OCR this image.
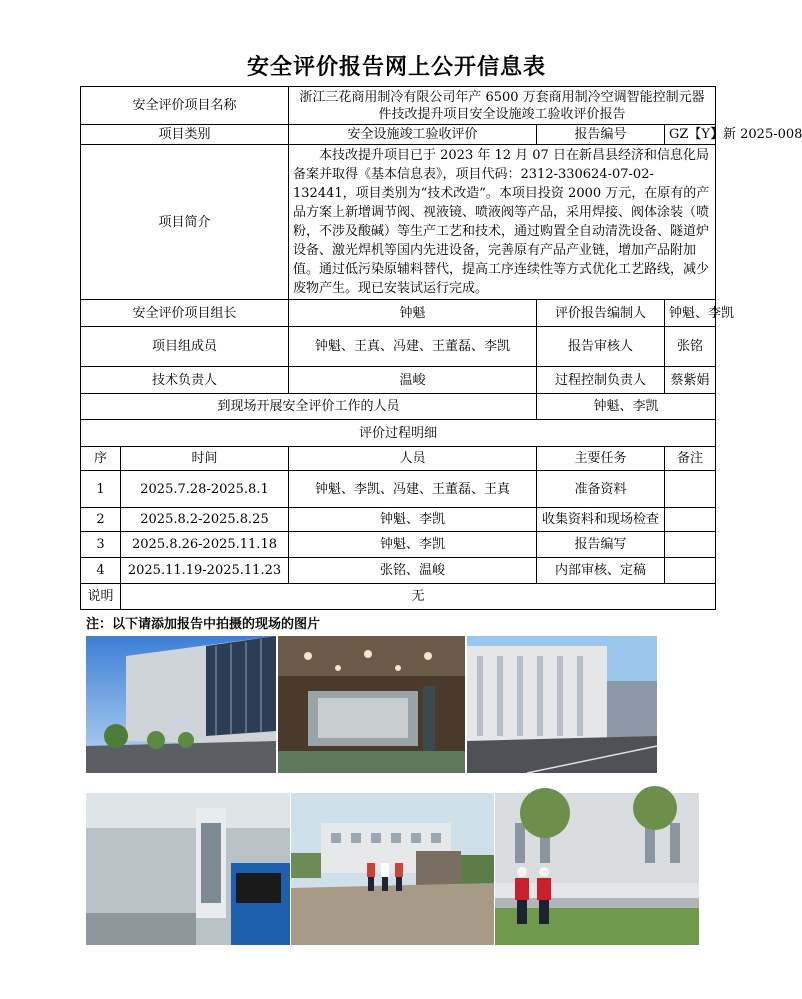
安全评价报告网上公开信息表
安全评价项目名称		浙江三花商用制冷有限公司年产 6500 万套商用制冷空调智能控制元器件技改提升项目安全设施竣工验收评价报告		
项目类别		安全设施竣工验收评价	报告编号	GZ【Y】新 2025-008
项目简介		本技改提升项目已于 2023 年 12 月 07 日在新昌县经济和信息化局备案并取得《基本信息表》，项目代码：2312-330624-07-02-132441，项目类别为“技术改造”。本项目投资 2000 万元，在原有的产品方案上新增调节阀、视液镜、喷液阀等产品，采用焊接、阀体涂装（喷粉，不涉及酸碱）等生产工艺和技术，通过购置全自动清洗设备、隧道炉设备、激光焊机等国内先进设备，完善原有产品产业链，增加产品附加值。通过低污染原辅料替代，提高工序连续性等方式优化工艺路线，减少废物产生。现已安装试运行完成。		
安全评价项目组长		钟魁	评价报告编制人	钟魁、李凯
项目组成员		钟魁、王真、冯建、王董磊、李凯	报告审核人	张铭
技术负责人		温峻	过程控制负责人	蔡紫娟
到现场开展安全评价工作的人员			钟魁、李凯	
评价过程明细				
序	时间	人员	主要任务	备注
1	2025.7.28-2025.8.1	钟魁、李凯、冯建、王董磊、王真	准备资料	
2	2025.8.2-2025.8.25	钟魁、李凯	收集资料和现场检查	
3	2025.8.26-2025.11.18	钟魁、李凯	报告编写	
4	2025.11.19-2025.11.23	张铭、温峻	内部审核、定稿	
说明	无			
注：以下请添加报告中拍摄的现场的图片
